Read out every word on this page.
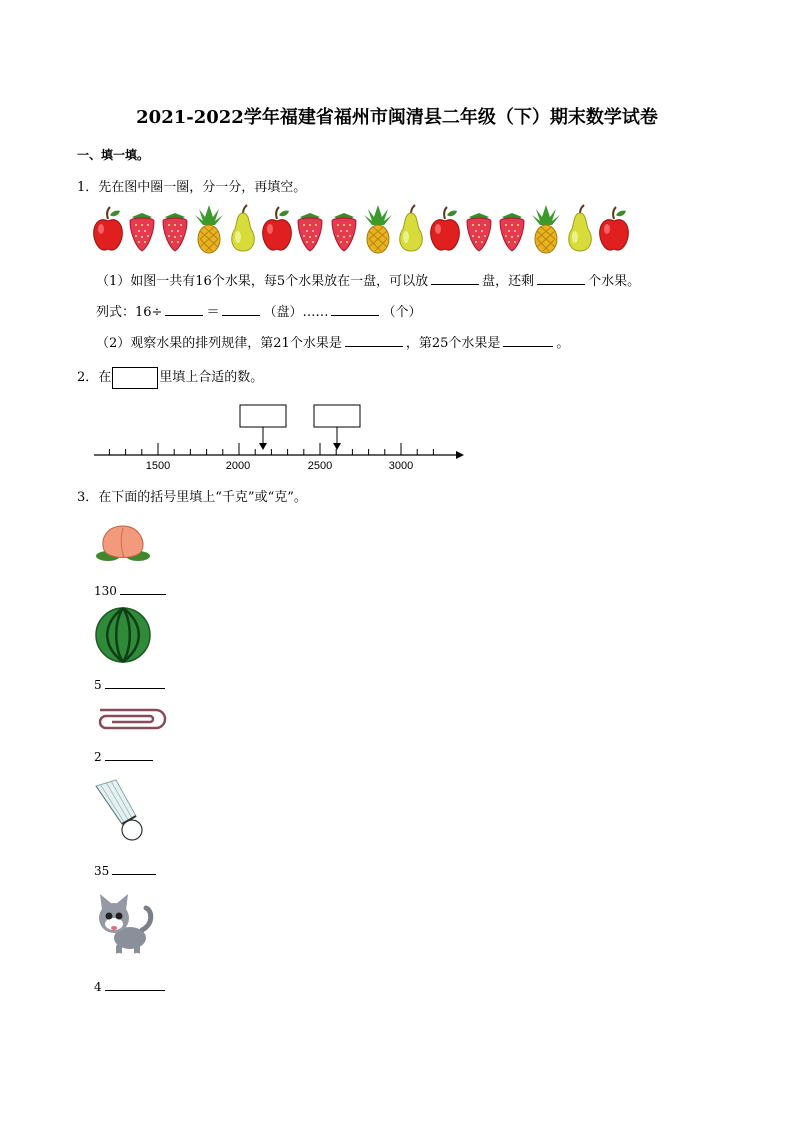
2021-2022学年福建省福州市闽清县二年级（下）期末数学试卷
一、填一填。
1．先在图中圈一圈，分一分，再填空。
（1）如图一共有16个水果，每5个水果放在一盘，可以放	盘，还剩	个水果。
列式：16÷	＝	（盘）……	（个）
（2）观察水果的排列规律，第21个水果是	，第25个水果是	。
2．在	里填上合适的数。
1500	2000	2500	3000
3．在下面的括号里填上“千克”或“克”。
130
5
2
35
4
